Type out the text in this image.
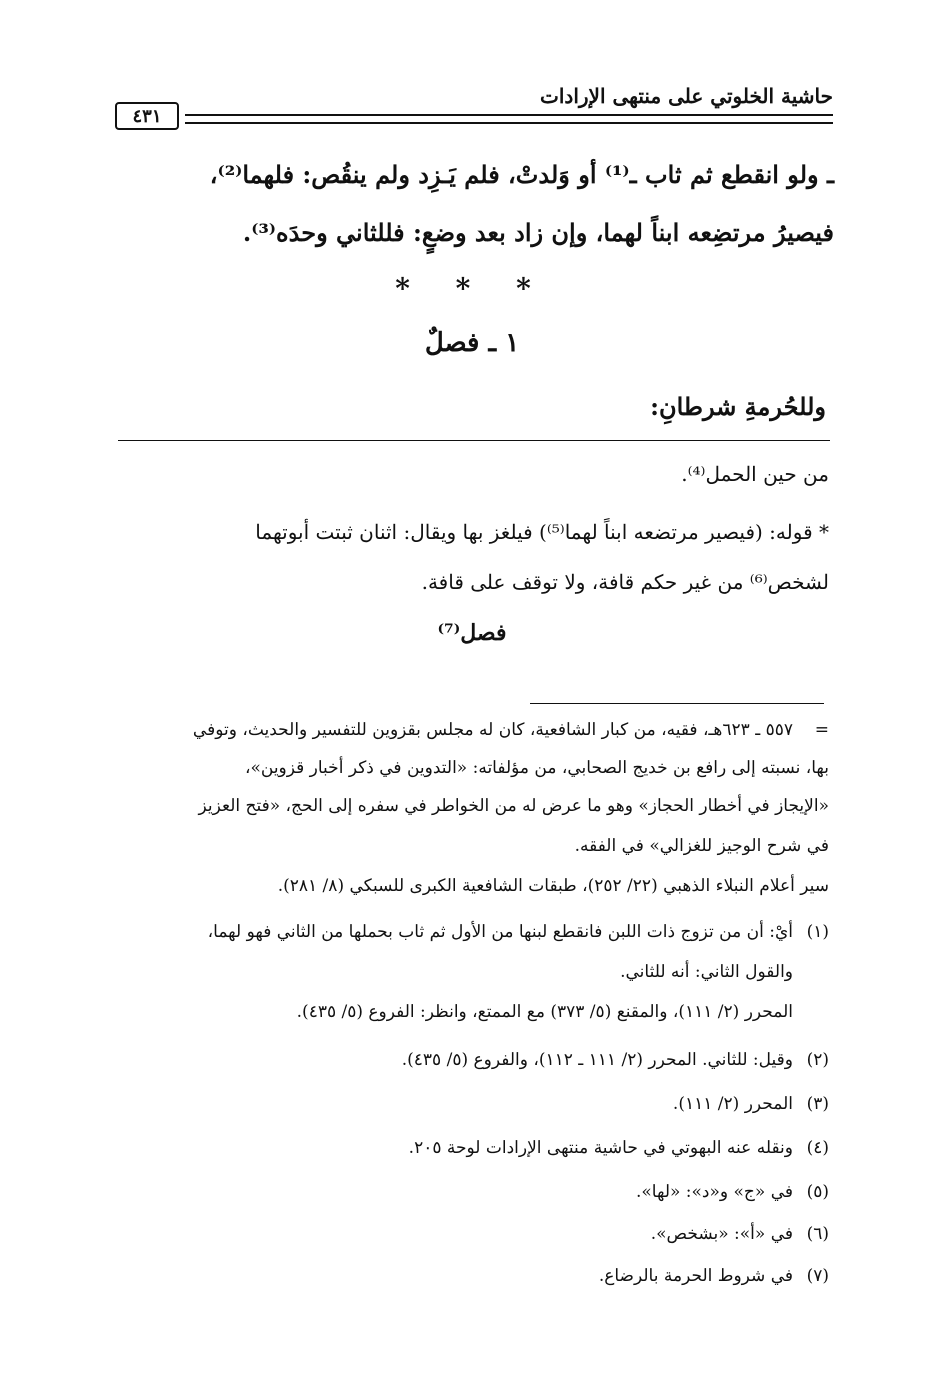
حاشية الخلوتي على منتهى الإرادات
٤٣١
ـ ولو انقطع ثم ثاب ـ⁽¹⁾ أو وَلدتْ، فلم يَـزِد ولم ينقُص: فلهما⁽²⁾،
فيصيرُ مرتضِعه ابناً لهما، وإن زاد بعد وضعٍ: فللثاني وحدَه⁽³⁾.
* * *
١ ـ فصلٌ
وللحُرمةِ شرطانِ:
من حين الحمل⁽⁴⁾.
* قوله: (فيصير مرتضعه ابناً لهما⁽⁵⁾) فيلغز بها ويقال: اثنان ثبتت أبوتهما
لشخص⁽⁶⁾ من غير حكم قافة، ولا توقف على قافة.
فصل⁽⁷⁾
=٥٥٧ ـ ٦٢٣هـ، فقيه، من كبار الشافعية، كان له مجلس بقزوين للتفسير والحديث، وتوفي
بها، نسبته إلى رافع بن خديج الصحابي، من مؤلفاته: «التدوين في ذكر أخبار قزوين»،
«الإيجاز في أخطار الحجاز» وهو ما عرض له من الخواطر في سفره إلى الحج، «فتح العزيز
في شرح الوجيز للغزالي» في الفقه.
سير أعلام النبلاء الذهبي (٢٢/ ٢٥٢)، طبقات الشافعية الكبرى للسبكي (٨/ ٢٨١).
(١)أيْ: أن من تزوج ذات اللبن فانقطع لبنها من الأول ثم ثاب بحملها من الثاني فهو لهما،
والقول الثاني: أنه للثاني.
المحرر (٢/ ١١١)، والمقنع (٥/ ٣٧٣) مع الممتع، وانظر: الفروع (٥/ ٤٣٥).
(٢)وقيل: للثاني. المحرر (٢/ ١١١ ـ ١١٢)، والفروع (٥/ ٤٣٥).
(٣)المحرر (٢/ ١١١).
(٤)ونقله عنه البهوتي في حاشية منتهى الإرادات لوحة ٢٠٥.
(٥)في «ج» و«د»: «لها».
(٦)في «أ»: «بشخص».
(٧)في شروط الحرمة بالرضاع.
